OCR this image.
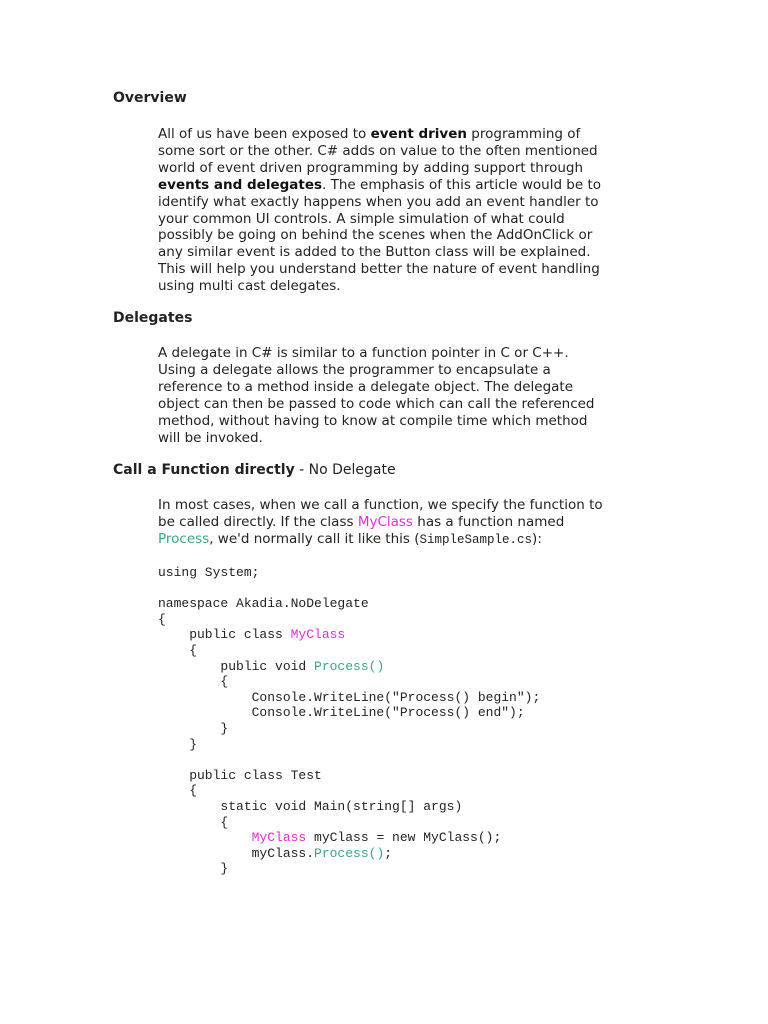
Overview

All of us have been exposed to event driven programming of some sort or the other. C# adds on value to the often mentioned world of event driven programming by adding support through events and delegates. The emphasis of this article would be to identify what exactly happens when you add an event handler to your common UI controls. A simple simulation of what could possibly be going on behind the scenes when the AddOnClick or any similar event is added to the Button class will be explained. This will help you understand better the nature of event handling using multi cast delegates.

Delegates

A delegate in C# is similar to a function pointer in C or C++. Using a delegate allows the programmer to encapsulate a reference to a method inside a delegate object. The delegate object can then be passed to code which can call the referenced method, without having to know at compile time which method will be invoked.

Call a Function directly - No Delegate

In most cases, when we call a function, we specify the function to be called directly. If the class MyClass has a function named Process, we'd normally call it like this (SimpleSample.cs):

using System;
namespace Akadia.NoDelegate
{
public class MyClass
{
public void Process()
{
Console.WriteLine("Process() begin");
Console.WriteLine("Process() end");
}
}
public class Test
{
static void Main(string[] args)
{
MyClass myClass = new MyClass();
myClass.Process();
}
